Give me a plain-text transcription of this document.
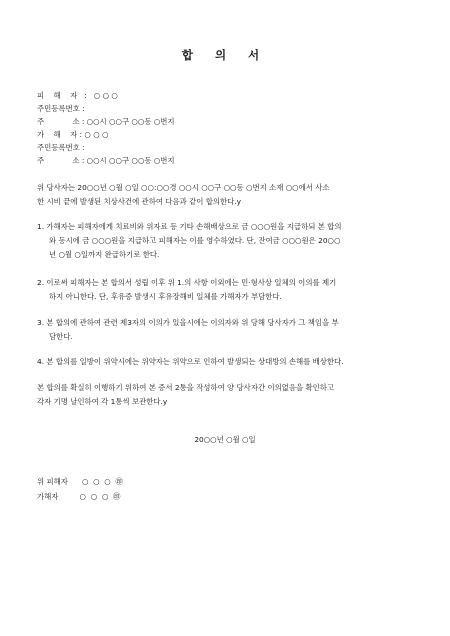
합 의 서
피    해    자   :   ○ ○ ○
주민등록번호 :
주            소 : ○○시 ○○구 ○○동 ○번지
가    해    자 : ○ ○ ○
주민등록번호 :
주            소 : ○○시 ○○구 ○○동 ○번지
위 당사자는 20○○년 ○월 ○일 ○○:○○경 ○○시 ○○구 ○○동 ○번지 소재 ○○에서 사소
한 시비 끝에 발생된 치상사건에 관하여 다음과 같이 합의한다.y
1. 가해자는 피해자에게 치료비와 위자료 등 기타 손해배상으로 금 ○○○원을 지급하되 본 합의
와 동시에 금 ○○○원을 지급하고 피해자는 이를 영수하였다. 단, 잔여금 ○○○원은 20○○
년 ○월 ○일까지 완급하기로 한다.
2. 이로써 피해자는 본 합의서 성립 이후 위 1.의 사항 이외에는 민·형사상 일체의 이의를 제기
하지 아니한다. 단, 후유증 발생시 후유장해비 일체를 가해자가 부담한다.
3. 본 합의에 관하여 관련 제3자의 이의가 있을시에는 이의자와 위 당해 당사자가 그 책임을 부
담한다.
4. 본 합의를 일방이 위약시에는 위약자는 위약으로 인하여 발생되는 상대방의 손해를 배상한다.
본 합의를 확실히 이행하기 위하여 본 증서 2통을 작성하여 양 당사자간 이의없음을 확인하고
각자 기명 날인하여 각 1통씩 보관한다.y
20○○년 ○월 ○일
위 피해자      ○  ○  ○  ㊞
가해자         ○  ○  ○  ㊞
